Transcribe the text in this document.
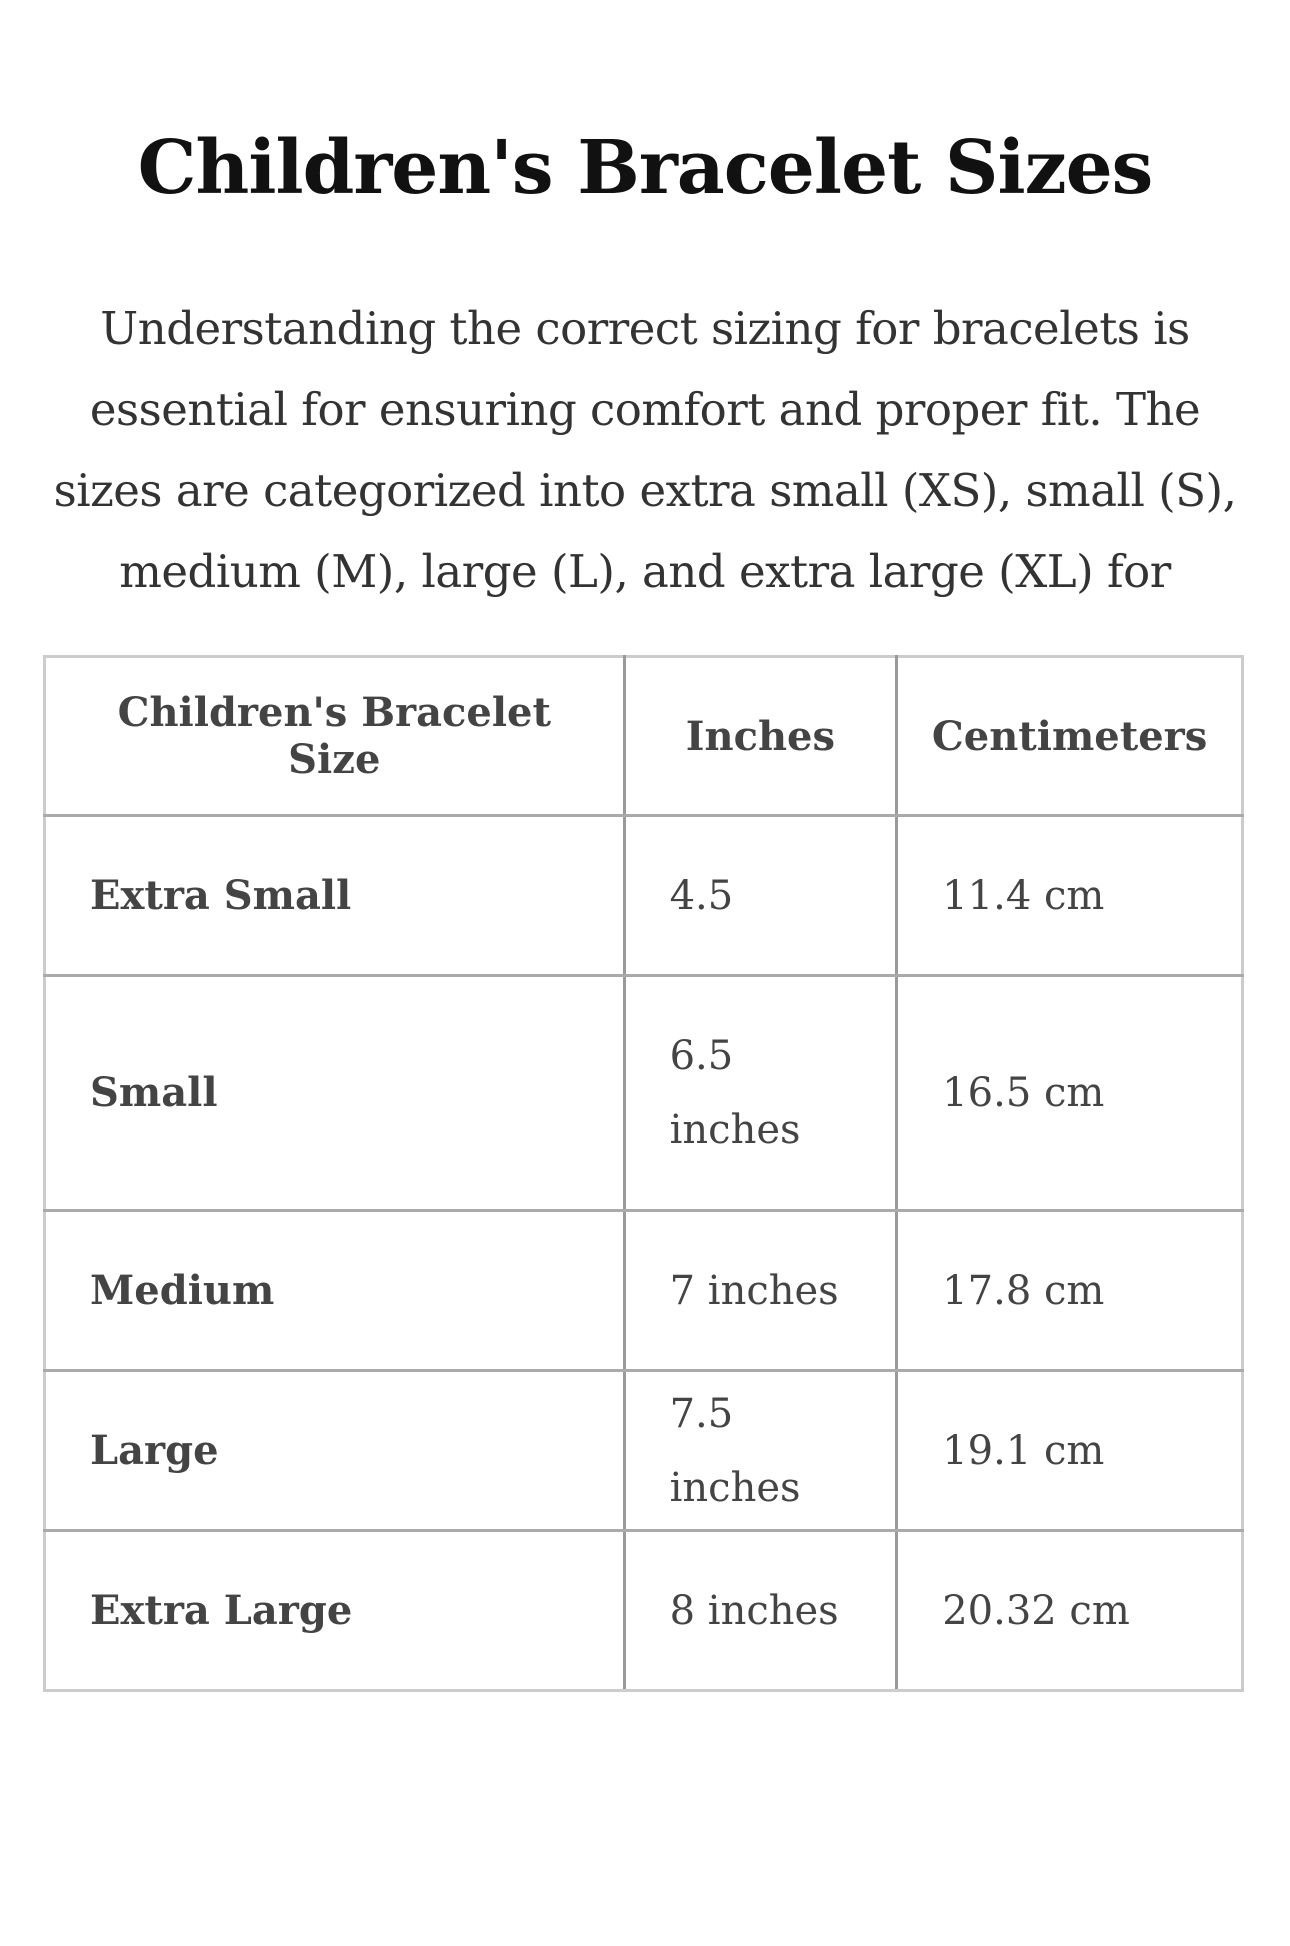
Children's Bracelet Sizes

Understanding the correct sizing for bracelets is essential for ensuring comfort and proper fit. The sizes are categorized into extra small (XS), small (S), medium (M), large (L), and extra large (XL) for

Children's Bracelet Size	Inches	Centimeters
Extra Small	4.5	11.4 cm
Small	6.5 inches	16.5 cm
Medium	7 inches	17.8 cm
Large	7.5 inches	19.1 cm
Extra Large	8 inches	20.32 cm
